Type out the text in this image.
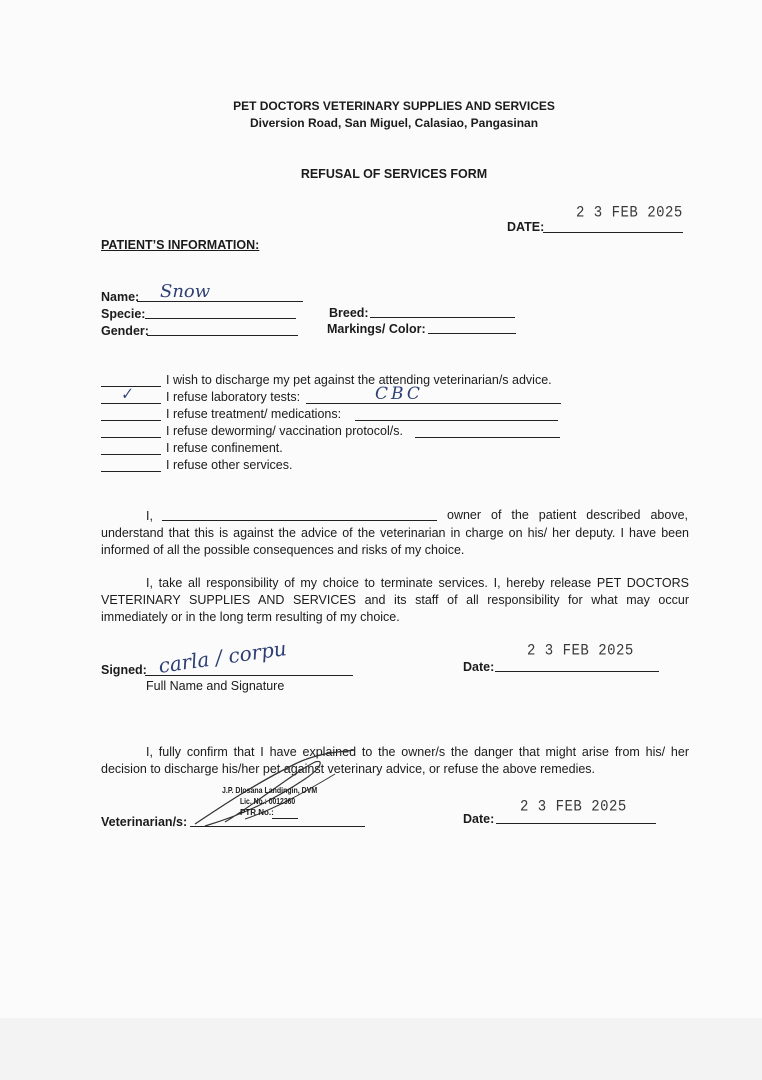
PET DOCTORS VETERINARY SUPPLIES AND SERVICES
Diversion Road, San Miguel, Calasiao, Pangasinan
REFUSAL OF SERVICES FORM
2 3 FEB 2025
DATE:
PATIENT’S INFORMATION:
Name: Snow
Specie:
Gender:
Breed:
Markings/ Color:
I wish to discharge my pet against the attending veterinarian/s advice.
✓	I refuse laboratory tests:	CBC
I refuse treatment/ medications:
I refuse deworming/ vaccination protocol/s.
I refuse confinement.
I refuse other services.
I,	owner of the patient described above,
understand that this is against the advice of the veterinarian in charge on his/ her deputy. I have been informed of all the possible consequences and risks of my choice.
I, take all responsibility of my choice to terminate services. I, hereby release PET DOCTORS VETERINARY SUPPLIES AND SERVICES and its staff of all responsibility for what may occur immediately or in the long term resulting of my choice.
carla / corpu
Signed:
Full Name and Signature
2 3 FEB 2025
Date:
I, fully confirm that I have explained to the owner/s the danger that might arise from his/ her decision to discharge his/her pet against veterinary advice, or refuse the above remedies.
J.P. Dlosana Landingin, DVM
Lic. No.: 0012360
PTR No.:
Veterinarian/s:
2 3 FEB 2025
Date:
